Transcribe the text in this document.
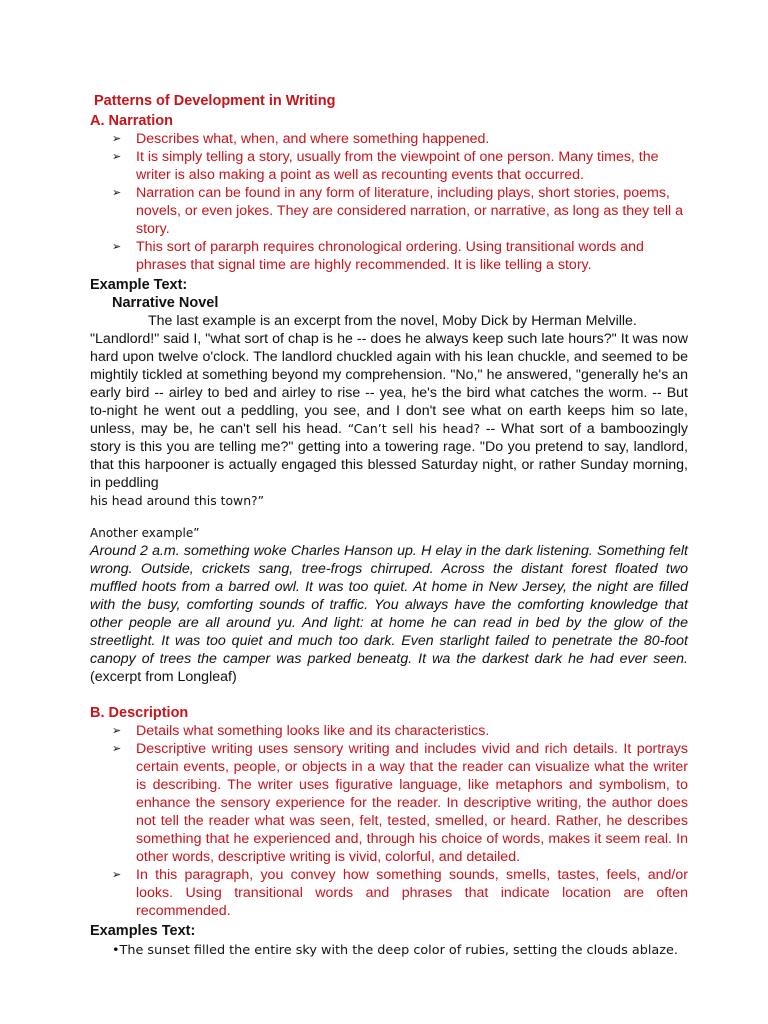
Patterns of Development in Writing
A. Narration
➢ Describes what, when, and where something happened.
➢ It is simply telling a story, usually from the viewpoint of one person. Many times, the writer is also making a point as well as recounting events that occurred.
➢ Narration can be found in any form of literature, including plays, short stories, poems, novels, or even jokes. They are considered narration, or narrative, as long as they tell a story.
➢ This sort of pararph requires chronological ordering. Using transitional words and phrases that signal time are highly recommended. It is like telling a story.
Example Text:
Narrative Novel
The last example is an excerpt from the novel, Moby Dick by Herman Melville.
"Landlord!" said I, "what sort of chap is he -- does he always keep such late hours?" It was now hard upon twelve o'clock. The landlord chuckled again with his lean chuckle, and seemed to be mightily tickled at something beyond my comprehension. "No," he answered, "generally he's an early bird -- airley to bed and airley to rise -- yea, he's the bird what catches the worm. -- But to-night he went out a peddling, you see, and I don't see what on earth keeps him so late, unless, may be, he can't sell his head. “Can’t sell his head? -- What sort of a bamboozingly story is this you are telling me?" getting into a towering rage. "Do you pretend to say, landlord, that this harpooner is actually engaged this blessed Saturday night, or rather Sunday morning, in peddling
his head around this town?”
Another example”
Around 2 a.m. something woke Charles Hanson up. H elay in the dark listening. Something felt wrong. Outside, crickets sang, tree-frogs chirruped. Across the distant forest floated two muffled hoots from a barred owl. It was too quiet. At home in New Jersey, the night are filled with the busy, comforting sounds of traffic. You always have the comforting knowledge that other people are all around yu. And light: at home he can read in bed by the glow of the streetlight. It was too quiet and much too dark. Even starlight failed to penetrate the 80-foot canopy of trees the camper was parked beneatg. It wa the darkest dark he had ever seen. (excerpt from Longleaf)
B. Description
➢ Details what something looks like and its characteristics.
➢ Descriptive writing uses sensory writing and includes vivid and rich details. It portrays certain events, people, or objects in a way that the reader can visualize what the writer is describing. The writer uses figurative language, like metaphors and symbolism, to enhance the sensory experience for the reader. In descriptive writing, the author does not tell the reader what was seen, felt, tested, smelled, or heard. Rather, he describes something that he experienced and, through his choice of words, makes it seem real. In other words, descriptive writing is vivid, colorful, and detailed.
➢ In this paragraph, you convey how something sounds, smells, tastes, feels, and/or looks. Using transitional words and phrases that indicate location are often recommended.
Examples Text:
•The sunset filled the entire sky with the deep color of rubies, setting the clouds ablaze.
